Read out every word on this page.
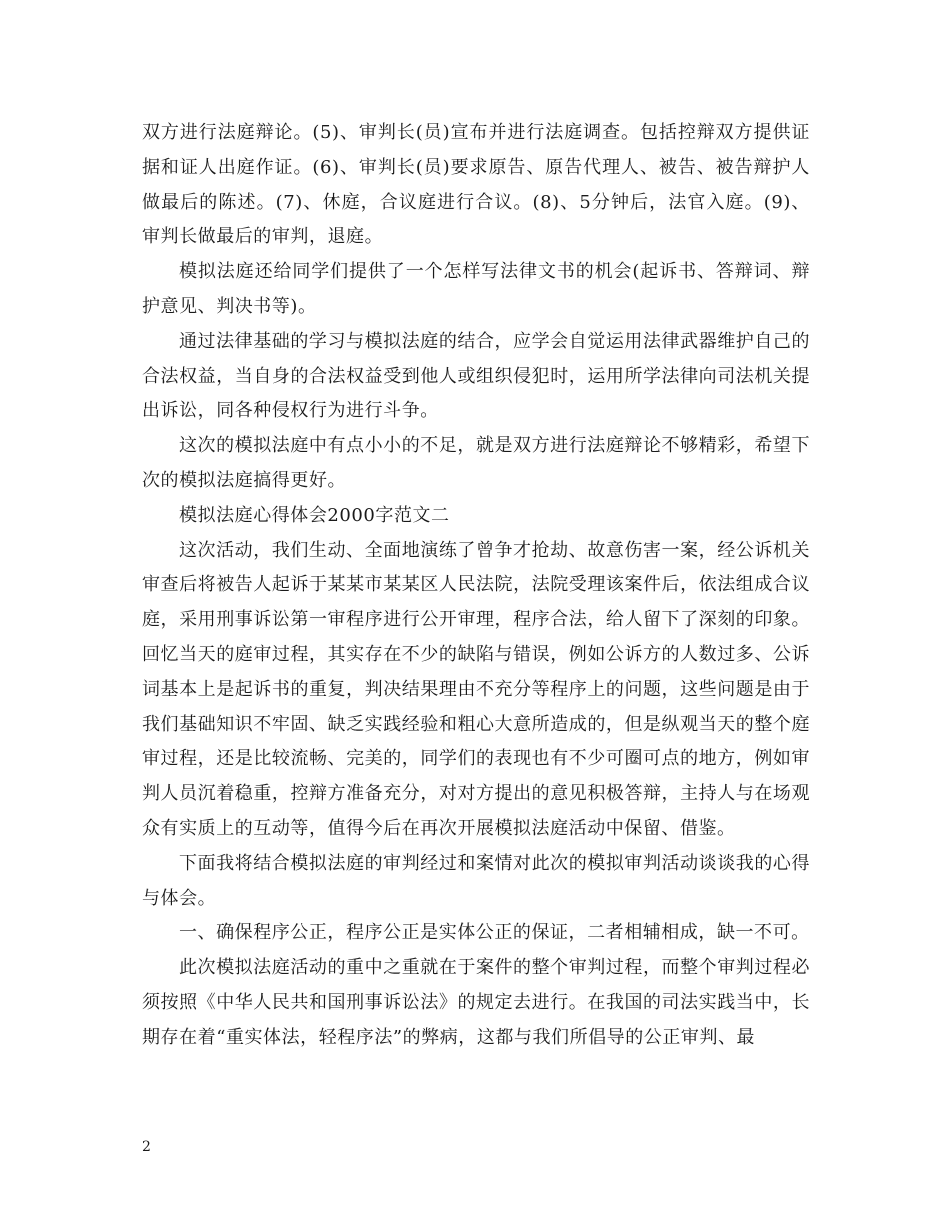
双方进行法庭辩论。(5)、审判长(员)宣布并进行法庭调查。包括控辩双方提供证据和证人出庭作证。(6)、审判长(员)要求原告、原告代理人、被告、被告辩护人做最后的陈述。(7)、休庭，合议庭进行合议。(8)、5分钟后，法官入庭。(9)、审判长做最后的审判，退庭。

模拟法庭还给同学们提供了一个怎样写法律文书的机会(起诉书、答辩词、辩护意见、判决书等)。

通过法律基础的学习与模拟法庭的结合，应学会自觉运用法律武器维护自己的合法权益，当自身的合法权益受到他人或组织侵犯时，运用所学法律向司法机关提出诉讼，同各种侵权行为进行斗争。

这次的模拟法庭中有点小小的不足，就是双方进行法庭辩论不够精彩，希望下次的模拟法庭搞得更好。

模拟法庭心得体会2000字范文二

这次活动，我们生动、全面地演练了曾争才抢劫、故意伤害一案，经公诉机关审查后将被告人起诉于某某市某某区人民法院，法院受理该案件后，依法组成合议庭，采用刑事诉讼第一审程序进行公开审理，程序合法，给人留下了深刻的印象。回忆当天的庭审过程，其实存在不少的缺陷与错误，例如公诉方的人数过多、公诉词基本上是起诉书的重复，判决结果理由不充分等程序上的问题，这些问题是由于我们基础知识不牢固、缺乏实践经验和粗心大意所造成的，但是纵观当天的整个庭审过程，还是比较流畅、完美的，同学们的表现也有不少可圈可点的地方，例如审判人员沉着稳重，控辩方准备充分，对对方提出的意见积极答辩，主持人与在场观众有实质上的互动等，值得今后在再次开展模拟法庭活动中保留、借鉴。

下面我将结合模拟法庭的审判经过和案情对此次的模拟审判活动谈谈我的心得与体会。

一、确保程序公正，程序公正是实体公正的保证，二者相辅相成，缺一不可。

此次模拟法庭活动的重中之重就在于案件的整个审判过程，而整个审判过程必须按照《中华人民共和国刑事诉讼法》的规定去进行。在我国的司法实践当中，长期存在着“重实体法，轻程序法”的弊病，这都与我们所倡导的公正审判、最

2
